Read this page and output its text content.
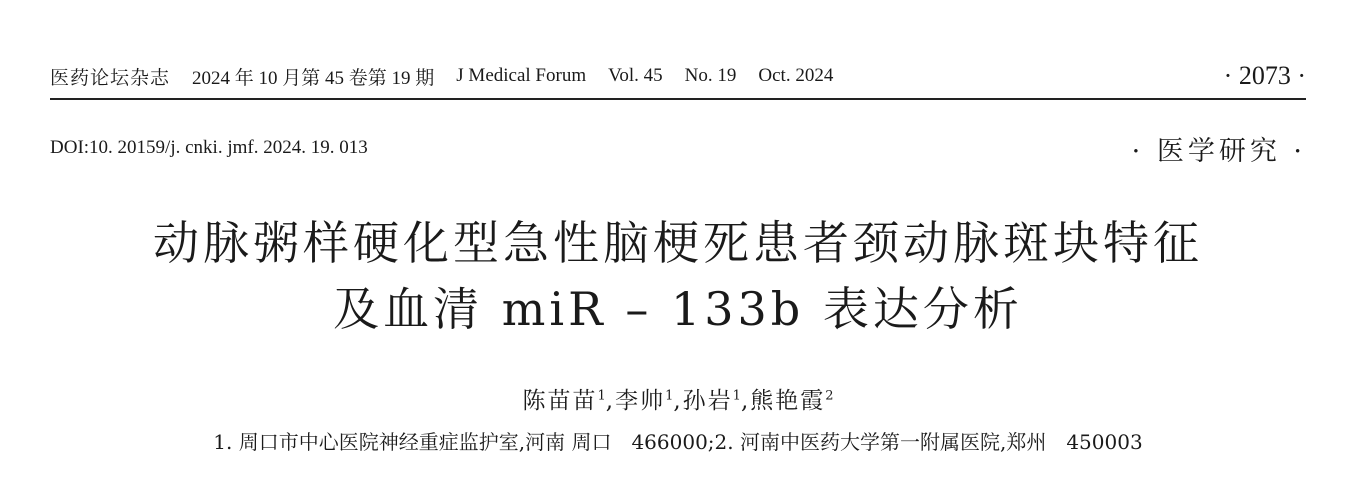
医药论坛杂志 2024 年 10 月第 45 卷第 19 期 J Medical Forum Vol. 45 No. 19 Oct. 2024	· 2073 ·
DOI:10. 20159/j. cnki. jmf. 2024. 19. 013	· 医学研究 ·
动脉粥样硬化型急性脑梗死患者颈动脉斑块特征
及血清 miR – 133b 表达分析
陈苗苗$^1$,李帅$^1$,孙岩$^1$,熊艳霞$^2$
1. 周口市中心医院神经重症监护室,河南 周口　466000;2. 河南中医药大学第一附属医院,郑州　450003
